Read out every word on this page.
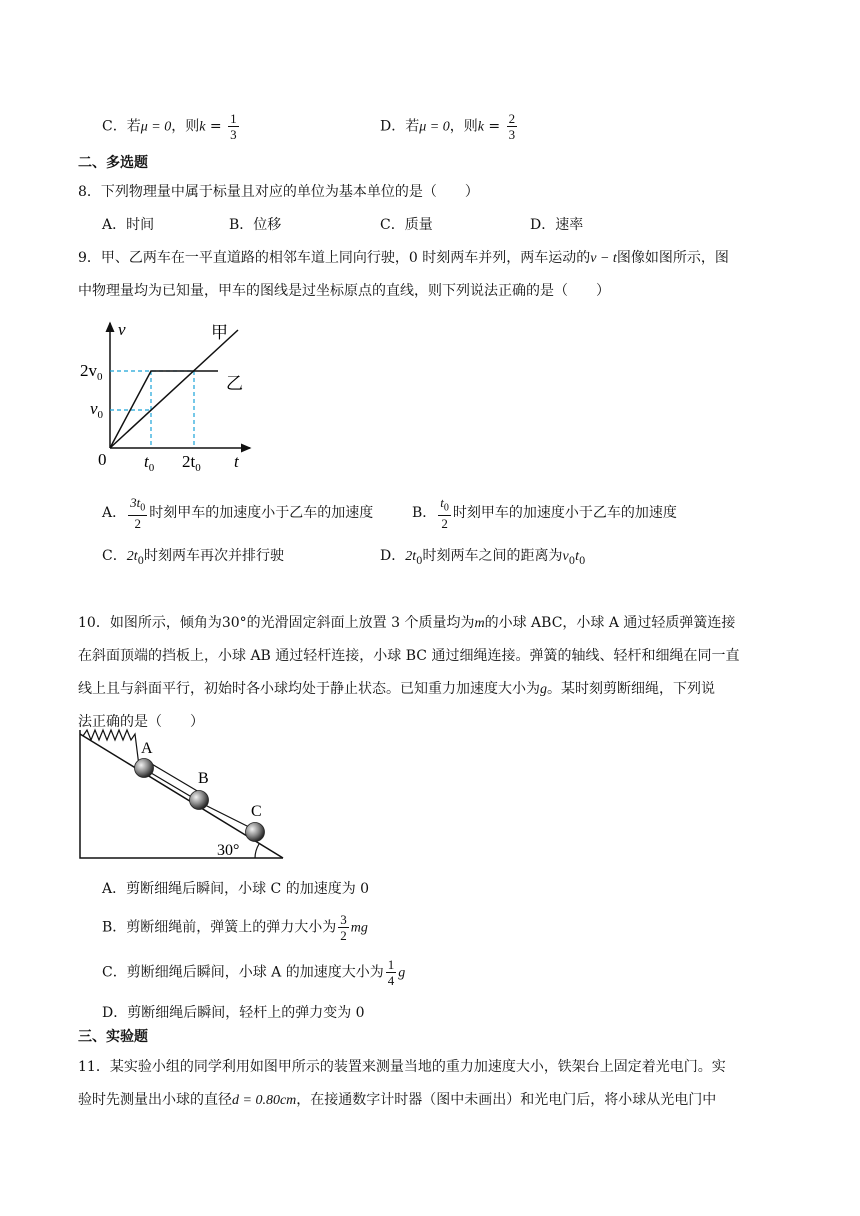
C．若μ = 0，则$k = \frac{1}{3}$	D．若μ = 0，则$k = \frac{2}{3}$
二、多选题
8．下列物理量中属于标量且对应的单位为基本单位的是（　　）
A．时间	B．位移	C．质量	D．速率
9．甲、乙两车在一平直道路的相邻车道上同向行驶，0 时刻两车并列，两车运动的v − t图像如图所示，图
中物理量均为已知量，甲车的图线是过坐标原点的直线，则下列说法正确的是（　　）
v
t
0
甲
乙
$2v_0$
$v_0$
$t_0$ $2t_0$
A． $\frac{3t_0}{2}$ 时刻甲车的加速度小于乙车的加速度	B． $\frac{t_0}{2}$ 时刻甲车的加速度小于乙车的加速度
C．$2t_0$时刻两车再次并排行驶	D．$2t_0$时刻两车之间的距离为$v_0t_0$
10．如图所示，倾角为30°的光滑固定斜面上放置 3 个质量均为m的小球 ABC，小球 A 通过轻质弹簧连接
在斜面顶端的挡板上，小球 AB 通过轻杆连接，小球 BC 通过细绳连接。弹簧的轴线、轻杆和细绳在同一直
线上且与斜面平行，初始时各小球均处于静止状态。已知重力加速度大小为g。某时刻剪断细绳，下列说
法正确的是（　　）
A
B
C
30°
A．剪断细绳后瞬间，小球 C 的加速度为 0
B．剪断细绳前，弹簧上的弹力大小为 $\frac{3}{2}$ mg
C．剪断细绳后瞬间，小球 A 的加速度大小为 $\frac{1}{4}$ g
D．剪断细绳后瞬间，轻杆上的弹力变为 0
三、实验题
11．某实验小组的同学利用如图甲所示的装置来测量当地的重力加速度大小，铁架台上固定着光电门。实
验时先测量出小球的直径d = 0.80cm，在接通数字计时器（图中未画出）和光电门后，将小球从光电门中
